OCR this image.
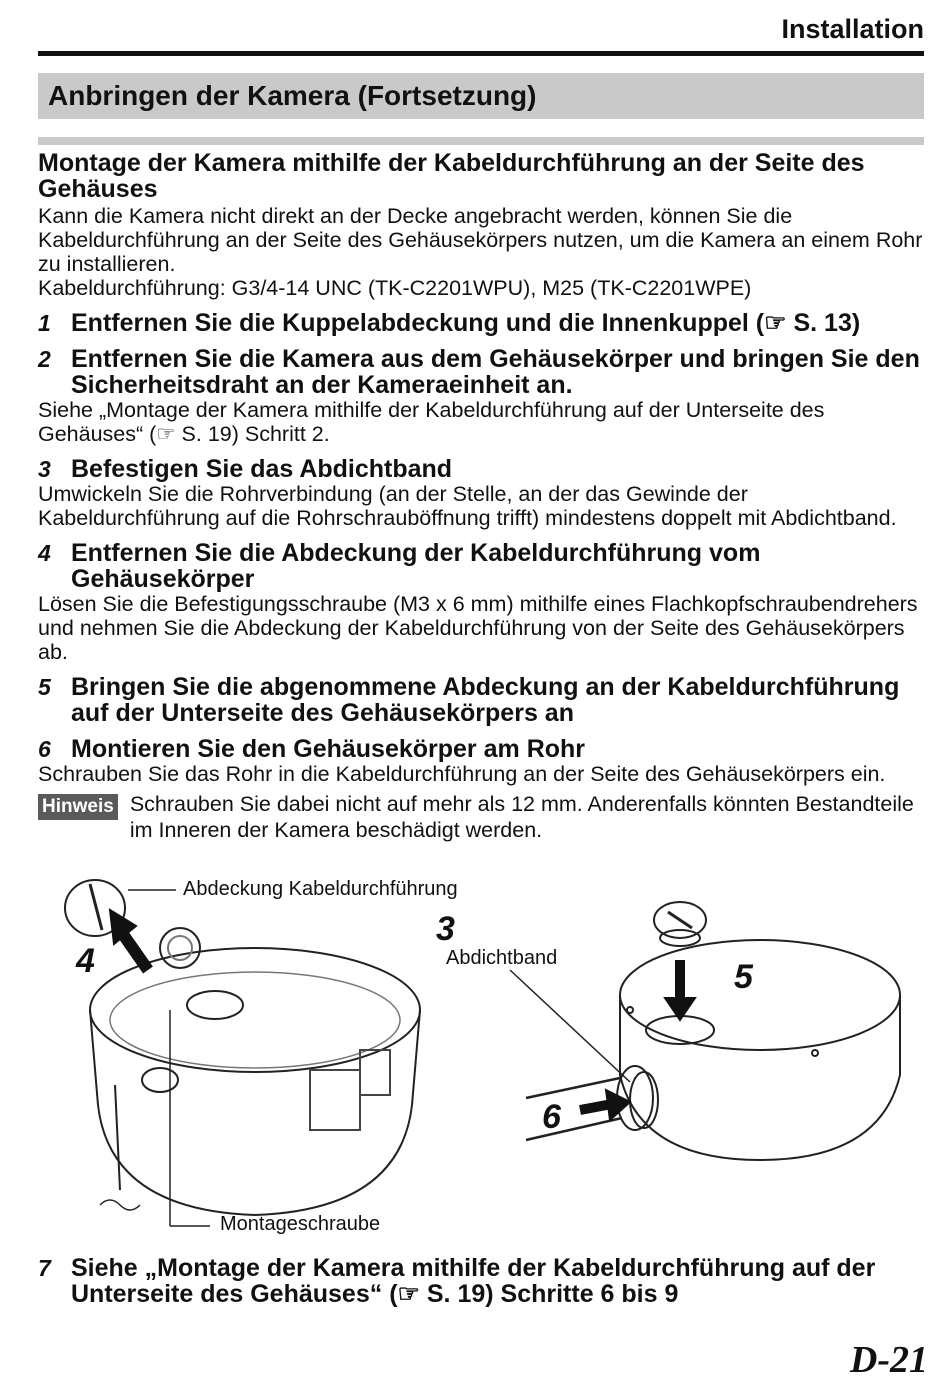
Installation
Anbringen der Kamera (Fortsetzung)
Montage der Kamera mithilfe der Kabeldurchführung an der Seite des Gehäuses
Kann die Kamera nicht direkt an der Decke angebracht werden, können Sie die Kabeldurchführung an der Seite des Gehäusekörpers nutzen, um die Kamera an einem Rohr zu installieren.
Kabeldurchführung: G3/4-14 UNC (TK-C2201WPU), M25 (TK-C2201WPE)
1 Entfernen Sie die Kuppelabdeckung und die Innenkuppel (☞ S. 13)
2 Entfernen Sie die Kamera aus dem Gehäusekörper und bringen Sie den Sicherheitsdraht an der Kameraeinheit an.
Siehe „Montage der Kamera mithilfe der Kabeldurchführung auf der Unterseite des Gehäuses“ (☞ S. 19) Schritt 2.
3 Befestigen Sie das Abdichtband
Umwickeln Sie die Rohrverbindung (an der Stelle, an der das Gewinde der Kabeldurchführung auf die Rohrschrauböffnung trifft) mindestens doppelt mit Abdichtband.
4 Entfernen Sie die Abdeckung der Kabeldurchführung vom Gehäusekörper
Lösen Sie die Befestigungsschraube (M3 x 6 mm) mithilfe eines Flachkopfschraubendrehers und nehmen Sie die Abdeckung der Kabeldurchführung von der Seite des Gehäusekörpers ab.
5 Bringen Sie die abgenommene Abdeckung an der Kabeldurchführung auf der Unterseite des Gehäusekörpers an
6 Montieren Sie den Gehäusekörper am Rohr
Schrauben Sie das Rohr in die Kabeldurchführung an der Seite des Gehäusekörpers ein.
Hinweis Schrauben Sie dabei nicht auf mehr als 12 mm. Anderenfalls könnten Bestandteile im Inneren der Kamera beschädigt werden.
Abdeckung Kabeldurchführung
Abdichtband
Montageschraube
4
3
5
6
7 Siehe „Montage der Kamera mithilfe der Kabeldurchführung auf der Unterseite des Gehäuses“ (☞ S. 19) Schritte 6 bis 9
D-21
